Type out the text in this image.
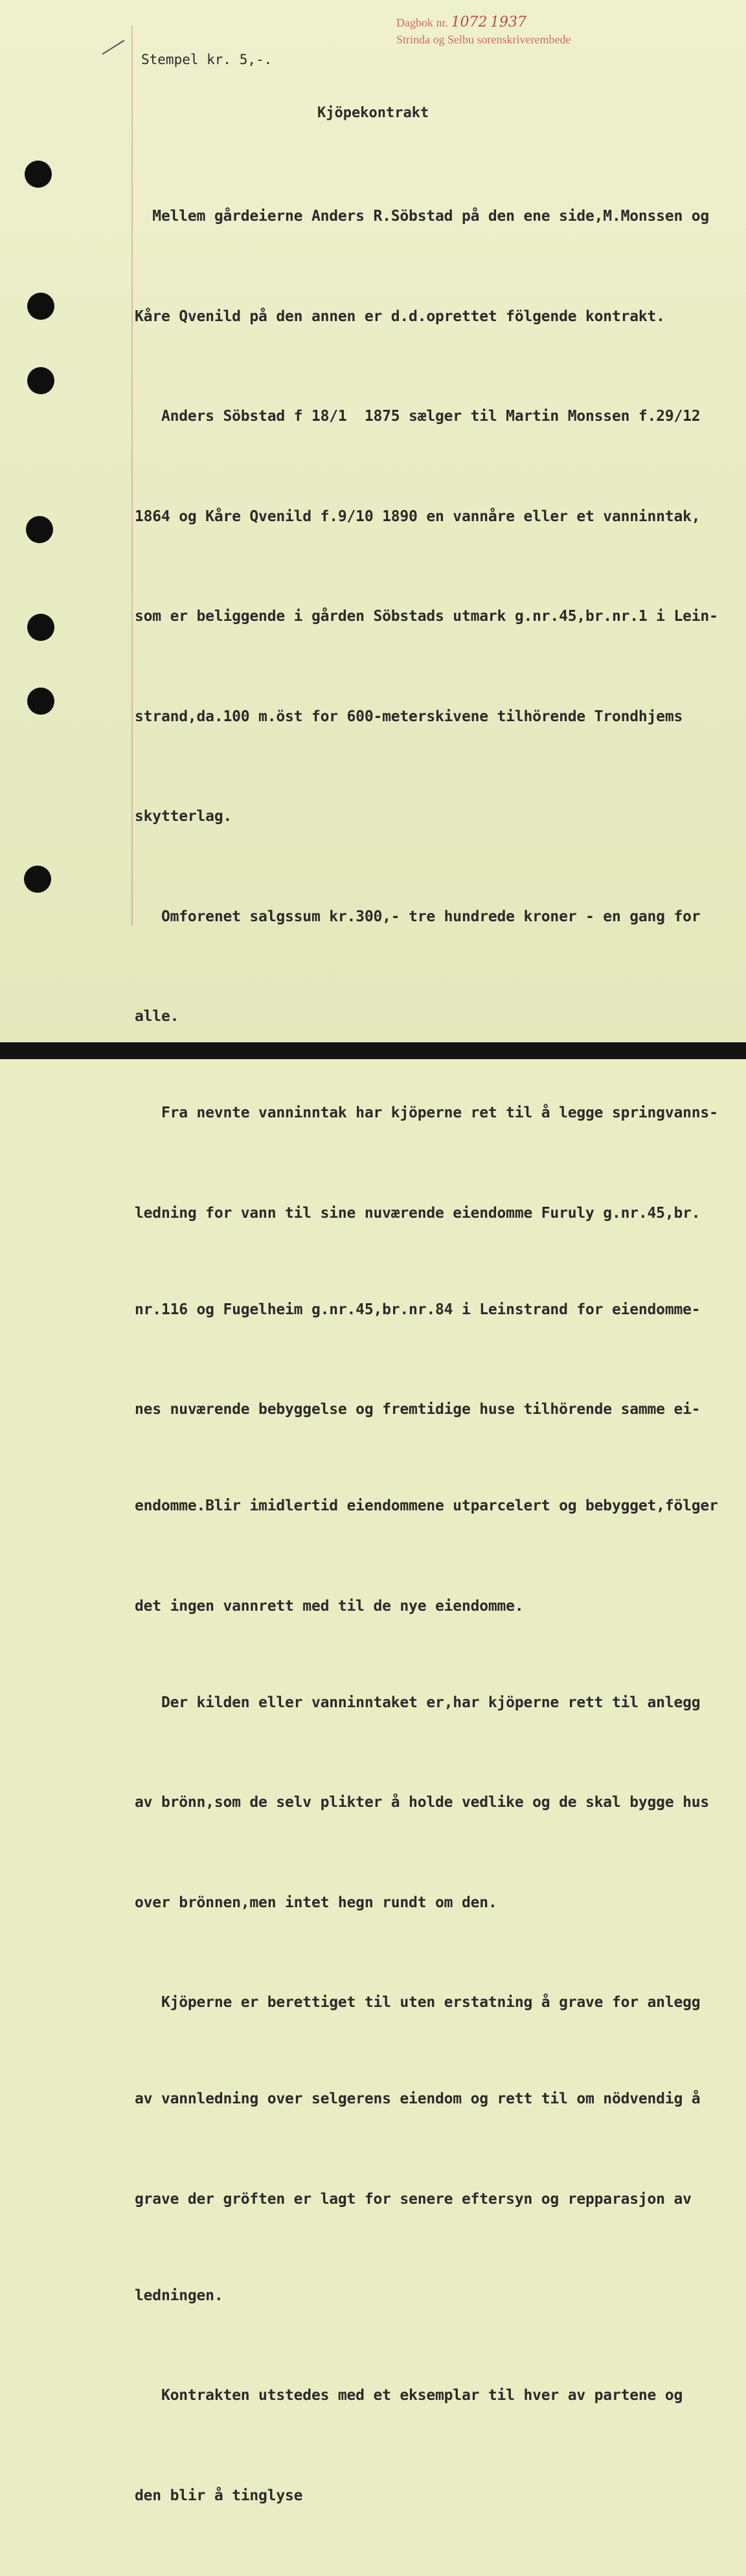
Dagbok nr. 1072 1937
Strinda og Selbu sorenskriverembede
Stempel kr. 5,-.
Kjöpekontrakt

Mellem gårdeierne Anders R.Söbstad på den ene side,M.Monssen og

Kåre Qvenild på den annen er d.d.oprettet fölgende kontrakt.

Anders Söbstad f 18/1  1875 sælger til Martin Monssen f.29/12

1864 og Kåre Qvenild f.9/10 1890 en vannåre eller et vanninntak,

som er beliggende i gården Söbstads utmark g.nr.45,br.nr.1 i Lein-

strand,da.100 m.öst for 600-meterskivene tilhörende Trondhjems

skytterlag.

Omforenet salgssum kr.300,- tre hundrede kroner - en gang for

alle.

Fra nevnte vanninntak har kjöperne ret til å legge springvanns-

ledning for vann til sine nuværende eiendomme Furuly g.nr.45,br.

nr.116 og Fugelheim g.nr.45,br.nr.84 i Leinstrand for eiendomme-

nes nuværende bebyggelse og fremtidige huse tilhörende samme ei-

endomme.Blir imidlertid eiendommene utparcelert og bebygget,fölger

det ingen vannrett med til de nye eiendomme.

Der kilden eller vanninntaket er,har kjöperne rett til anlegg

av brönn,som de selv plikter å holde vedlike og de skal bygge hus

over brönnen,men intet hegn rundt om den.

Kjöperne er berettiget til uten erstatning å grave for anlegg

av vannledning over selgerens eiendom og rett til om nödvendig å

grave der gröften er lagt for senere eftersyn og repparasjon av

ledningen.

Kontrakten utstedes med et eksemplar til hver av partene og

den blir å tinglyse
